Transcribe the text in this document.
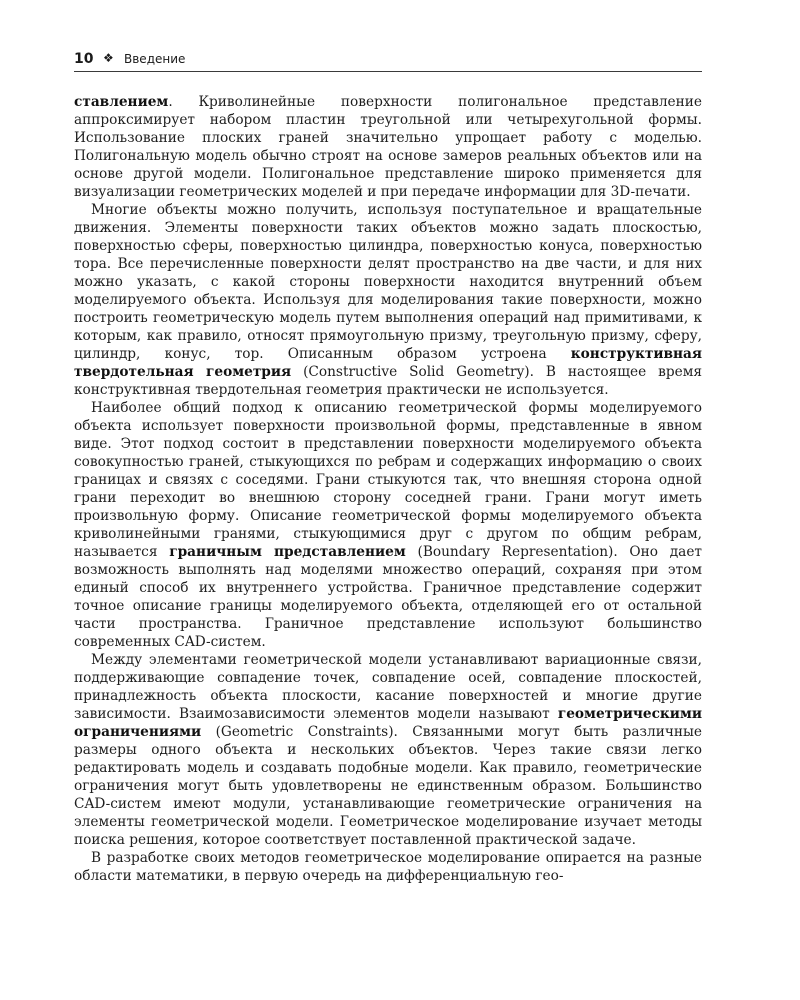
10 ❖ Введение

ставлением. Криволинейные поверхности полигональное представление аппроксимирует набором пластин треугольной или четырехугольной формы. Использование плоских граней значительно упрощает работу с моделью. Полигональную модель обычно строят на основе замеров реальных объектов или на основе другой модели. Полигональное представление широко применяется для визуализации геометрических моделей и при передаче информации для 3D-печати.

Многие объекты можно получить, используя поступательное и вращательные движения. Элементы поверхности таких объектов можно задать плоскостью, поверхностью сферы, поверхностью цилиндра, поверхностью конуса, поверхностью тора. Все перечисленные поверхности делят пространство на две части, и для них можно указать, с какой стороны поверхности находится внутренний объем моделируемого объекта. Используя для моделирования такие поверхности, можно построить геометрическую модель путем выполнения операций над примитивами, к которым, как правило, относят прямоугольную призму, треугольную призму, сферу, цилиндр, конус, тор. Описанным образом устроена конструктивная твердотельная геометрия (Constructive Solid Geometry). В настоящее время конструктивная твердотельная геометрия практически не используется.

Наиболее общий подход к описанию геометрической формы моделируемого объекта использует поверхности произвольной формы, представленные в явном виде. Этот подход состоит в представлении поверхности моделируемого объекта совокупностью граней, стыкующихся по ребрам и содержащих информацию о своих границах и связях с соседями. Грани стыкуются так, что внешняя сторона одной грани переходит во внешнюю сторону соседней грани. Грани могут иметь произвольную форму. Описание геометрической формы моделируемого объекта криволинейными гранями, стыкующимися друг с другом по общим ребрам, называется граничным представлением (Boundary Representation). Оно дает возможность выполнять над моделями множество операций, сохраняя при этом единый способ их внутреннего устройства. Граничное представление содержит точное описание границы моделируемого объекта, отделяющей его от остальной части пространства. Граничное представление используют большинство современных CAD-систем.

Между элементами геометрической модели устанавливают вариационные связи, поддерживающие совпадение точек, совпадение осей, совпадение плоскостей, принадлежность объекта плоскости, касание поверхностей и многие другие зависимости. Взаимозависимости элементов модели называют геометрическими ограничениями (Geometric Constraints). Связанными могут быть различные размеры одного объекта и нескольких объектов. Через такие связи легко редактировать модель и создавать подобные модели. Как правило, геометрические ограничения могут быть удовлетворены не единственным образом. Большинство CAD-систем имеют модули, устанавливающие геометрические ограничения на элементы геометрической модели. Геометрическое моделирование изучает методы поиска решения, которое соответствует поставленной практической задаче.

В разработке своих методов геометрическое моделирование опирается на разные области математики, в первую очередь на дифференциальную гео-
